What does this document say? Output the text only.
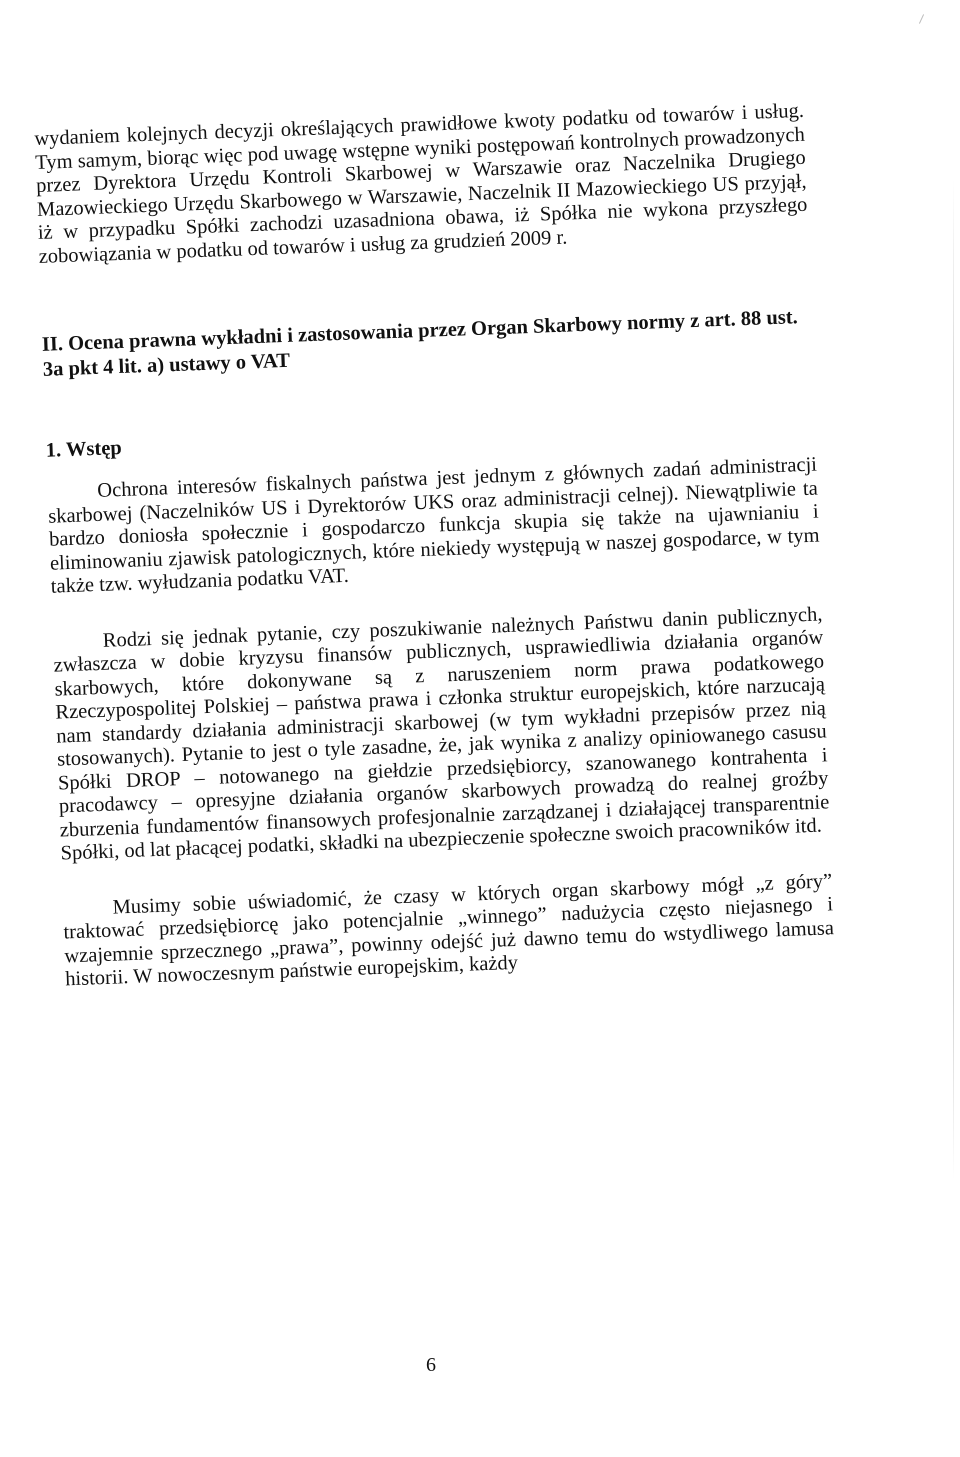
wydaniem kolejnych decyzji określających prawidłowe kwoty podatku od towarów i usług. Tym samym, biorąc więc pod uwagę wstępne wyniki postępowań kontrolnych prowadzonych przez Dyrektora Urzędu Kontroli Skarbowej w Warszawie oraz Naczelnika Drugiego Mazowieckiego Urzędu Skarbowego w Warszawie, Naczelnik II Mazowieckiego US przyjął, iż w przypadku Spółki zachodzi uzasadniona obawa, iż Spółka nie wykona przyszłego zobowiązania w podatku od towarów i usług za grudzień 2009 r.

II. Ocena prawna wykładni i zastosowania przez Organ Skarbowy normy z art. 88 ust. 3a pkt 4 lit. a) ustawy o VAT

1. Wstęp

Ochrona interesów fiskalnych państwa jest jednym z głównych zadań administracji skarbowej (Naczelników US i Dyrektorów UKS oraz administracji celnej). Niewątpliwie ta bardzo doniosła społecznie i gospodarczo funkcja skupia się także na ujawnianiu i eliminowaniu zjawisk patologicznych, które niekiedy występują w naszej gospodarce, w tym także tzw. wyłudzania podatku VAT.

Rodzi się jednak pytanie, czy poszukiwanie należnych Państwu danin publicznych, zwłaszcza w dobie kryzysu finansów publicznych, usprawiedliwia działania organów skarbowych, które dokonywane są z naruszeniem norm prawa podatkowego Rzeczypospolitej Polskiej – państwa prawa i członka struktur europejskich, które narzucają nam standardy działania administracji skarbowej (w tym wykładni przepisów przez nią stosowanych). Pytanie to jest o tyle zasadne, że, jak wynika z analizy opiniowanego casusu Spółki DROP – notowanego na giełdzie przedsiębiorcy, szanowanego kontrahenta i pracodawcy – opresyjne działania organów skarbowych prowadzą do realnej groźby zburzenia fundamentów finansowych profesjonalnie zarządzanej i działającej transparentnie Spółki, od lat płacącej podatki, składki na ubezpieczenie społeczne swoich pracowników itd.

Musimy sobie uświadomić, że czasy w których organ skarbowy mógł „z góry” traktować przedsiębiorcę jako potencjalnie „winnego” nadużycia często niejasnego i wzajemnie sprzecznego „prawa”, powinny odejść już dawno temu do wstydliwego lamusa historii. W nowoczesnym państwie europejskim, każdy

6
